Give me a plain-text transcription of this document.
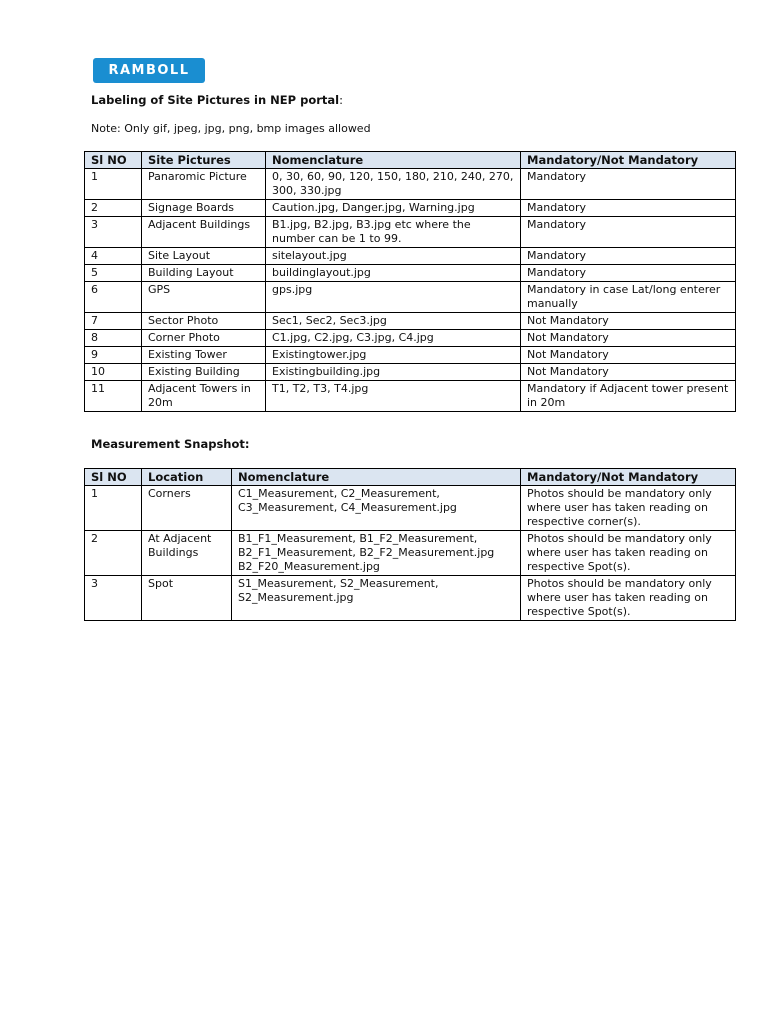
RAMBOLL
Labeling of Site Pictures in NEP portal:
Note: Only gif, jpeg, jpg, png, bmp images allowed
Sl NO	Site Pictures	Nomenclature	Mandatory/Not Mandatory
1	Panaromic Picture	0, 30, 60, 90, 120, 150, 180, 210, 240, 270, 300, 330.jpg	Mandatory
2	Signage Boards	Caution.jpg, Danger.jpg, Warning.jpg	Mandatory
3	Adjacent Buildings	B1.jpg, B2.jpg, B3.jpg etc where the number can be 1 to 99.	Mandatory
4	Site Layout	sitelayout.jpg	Mandatory
5	Building Layout	buildinglayout.jpg	Mandatory
6	GPS	gps.jpg	Mandatory in case Lat/long enterer manually
7	Sector Photo	Sec1, Sec2, Sec3.jpg	Not Mandatory
8	Corner Photo	C1.jpg, C2.jpg, C3.jpg, C4.jpg	Not Mandatory
9	Existing Tower	Existingtower.jpg	Not Mandatory
10	Existing Building	Existingbuilding.jpg	Not Mandatory
11	Adjacent Towers in 20m	T1, T2, T3, T4.jpg	Mandatory if Adjacent tower present in 20m
Measurement Snapshot:
Sl NO	Location	Nomenclature	Mandatory/Not Mandatory
1	Corners	C1_Measurement, C2_Measurement, C3_Measurement, C4_Measurement.jpg	Photos should be mandatory only where user has taken reading on respective corner(s).
2	At Adjacent Buildings	B1_F1_Measurement, B1_F2_Measurement, B2_F1_Measurement, B2_F2_Measurement.jpg B2_F20_Measurement.jpg	Photos should be mandatory only where user has taken reading on respective Spot(s).
3	Spot	S1_Measurement, S2_Measurement, S2_Measurement.jpg	Photos should be mandatory only where user has taken reading on respective Spot(s).
